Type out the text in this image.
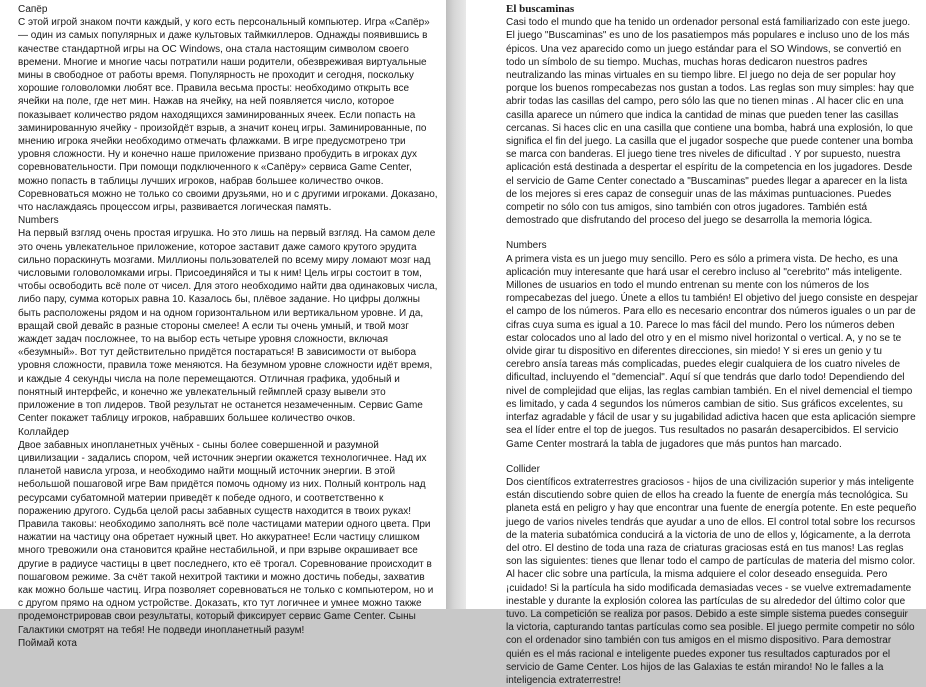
Сапёр

С этой игрой знаком почти каждый, у кого есть персональный компьютер. Игра «Сапёр» — один из самых популярных и даже культовых таймкиллеров. Однажды появившись в качестве стандартной игры на ОС Windows, она стала настоящим символом своего времени. Многие и многие часы потратили наши родители, обезвреживая виртуальные мины в свободное от работы время. Популярность не проходит и сегодня, поскольку хорошие головоломки любят все. Правила весьма просты: необходимо открыть все ячейки на поле, где нет мин. Нажав на ячейку, на ней появляется число, которое показывает количество рядом находящихся заминированных ячеек. Если попасть на заминированную ячейку - произойдёт взрыв, а значит конец игры. Заминированные, по мнению игрока ячейки необходимо отмечать флажками. В игре предусмотрено три уровня сложности. Ну и конечно наше приложение призвано пробудить в игроках дух соревновательности. При помощи подключенного к «Сапёру» сервиса Game Center, можно попасть в таблицы лучших игроков, набрав большее количество очков. Соревноваться можно не только со своими друзьями, но и с другими игроками. Доказано, что наслаждаясь процессом игры, развивается логическая память.

Numbers

На первый взгляд очень простая игрушка. Но это лишь на первый взгляд. На самом деле это очень увлекательное приложение, которое заставит даже самого крутого эрудита сильно пораскинуть мозгами. Миллионы пользователей по всему миру ломают мозг над числовыми головоломками игры. Присоединяйся и ты к ним! Цель игры состоит в том, чтобы освободить всё поле от чисел. Для этого необходимо найти два одинаковых числа, либо пару, сумма которых равна 10. Казалось бы, плёвое задание. Но цифры должны быть расположены рядом и на одном горизонтальном или вертикальном уровне. И да, вращай свой девайс в разные стороны смелее! А если ты очень умный, и твой мозг жаждет задач посложнее, то на выбор есть четыре уровня сложности, включая «безумный». Вот тут действительно придётся постараться! В зависимости от выбора уровня сложности, правила тоже меняются. На безумном уровне сложности идёт время, и каждые 4 секунды числа на поле перемещаются. Отличная графика, удобный и понятный интерфейс, и конечно же увлекательный геймплей сразу вывели это приложение в топ лидеров. Твой результат не останется незамеченным. Сервис Game Center покажет таблицу игроков, набравших большее количество очков.

Коллайдер

Двое забавных инопланетных учёных - сыны более совершенной и разумной цивилизации - задались спором, чей источник энергии окажется технологичнее. Над их планетой нависла угроза, и необходимо найти мощный источник энергии. В этой небольшой пошаговой игре Вам придётся помочь одному из них. Полный контроль над ресурсами субатомной материи приведёт к победе одного, и соответственно к поражению другого. Судьба целой расы забавных существ находится в твоих руках! Правила таковы: необходимо заполнять всё поле частицами материи одного цвета. При нажатии на частицу она обретает нужный цвет. Но аккуратнее! Если частицу слишком много тревожили она становится крайне нестабильной, и при взрыве окрашивает все другие в радиусе частицы в цвет последнего, кто её трогал. Соревнование происходит в пошаговом режиме. За счёт такой нехитрой тактики и можно достичь победы, захватив как можно больше частиц. Игра позволяет соревноваться не только с компьютером, но и с другом прямо на одном устройстве. Доказать, кто тут логичнее и умнее можно также продемонстрировав свои результаты, который фиксирует сервис Game Center. Сыны Галактики смотрят на тебя! Не подведи инопланетный разум!

Поймай кота

El buscaminas

Casi todo el mundo que ha tenido un ordenador personal está familiarizado con este juego. El juego "Buscaminas" es uno de los pasatiempos más populares e incluso uno de los más épicos. Una vez aparecido como un juego estándar para el SO Windows, se convertió en todo un símbolo de su tiempo. Muchas, muchas horas dedicaron nuestros padres neutralizando las minas virtuales en su tiempo libre. El juego no deja de ser popular hoy porque los buenos rompecabezas nos gustan a todos. Las reglas son muy simples: hay que abrir todas las casillas del campo, pero sólo las que no tienen minas . Al hacer clic en una casilla aparece un número que indica la cantidad de minas que pueden tener las casillas cercanas. Si haces clic en una casilla que contiene una bomba, habrá una explosión, lo que significa el fin del juego. La casilla que el jugador sospeche que puede contener una bomba se marca con banderas. El juego tiene tres niveles de dificultad . Y por supuesto, nuestra aplicación está destinada a despertar el espíritu de la competencia en los jugadores. Desde el servicio de Game Center conectado a "Buscaminas" puedes llegar a aparecer en la lista de los mejores si eres capaz de conseguir unas de las máximas puntuaciones. Puedes competir no sólo con tus amigos, sino también con otros jugadores. También está demostrado que disfrutando del proceso del juego se desarrolla la memoria lógica.

Numbers

A primera vista es un juego muy sencillo. Pero es sólo a primera vista. De hecho, es una aplicación muy interesante que hará usar el cerebro incluso al "cerebrito" más inteligente. Millones de usuarios en todo el mundo entrenan su mente con los números de los rompecabezas del juego. Únete a ellos tu también! El objetivo del juego consiste en despejar el campo de los números. Para ello es necesario encontrar dos números iguales o un par de cifras cuya suma es igual a 10. Parece lo mas fácil del mundo. Pero los números deben estar colocados uno al lado del otro y en el mismo nivel horizontal o vertical. A, y no se te olvide girar tu dispositivo en diferentes direcciones, sin miedo! Y si eres un genio y tu cerebro ansía tareas más complicadas, puedes elegir cualquiera de los cuatro niveles de dificultad, incluyendo el "demencial". Aquí sí que tendrás que darlo todo! Dependiendo del nivel de complejidad que elijas, las reglas cambian también. En el nivel demencial el tiempo es limitado, y cada 4 segundos los números cambian de sitio. Sus gráficos excelentes, su interfaz agradable y fácil de usar y su jugabilidad adictiva hacen que esta aplicación siempre sea el líder entre el top de juegos. Tus resultados no pasarán desapercibidos. El servicio Game Center mostrará la tabla de jugadores que más puntos han marcado.

Collider

Dos científicos extraterrestres graciosos - hijos de una civilización superior y más inteligente están discutiendo sobre quien de ellos ha creado la fuente de energía más tecnológica. Su planeta está en peligro y hay que encontrar una fuente de energía potente. En este pequeño juego de varios niveles tendrás que ayudar a uno de ellos. El control total sobre los recursos de la materia subatómica conducirá a la victoria de uno de ellos y, lógicamente, a la derrota del otro. El destino de toda una raza de criaturas graciosas está en tus manos! Las reglas son las siguientes: tienes que llenar todo el campo de partículas de materia del mismo color. Al hacer clic sobre una partícula, la misma adquiere el color deseado enseguida. Pero ¡cuidado! Si la partícula ha sido modificada demasiadas veces - se vuelve extremadamente inestable y durante la explosión colorea las partículas de su alrededor del último color que tuvo. La competición se realiza por pasos. Debido a este simple sistema puedes conseguir la victoria, capturando tantas partículas como sea posible. El juego permite competir no sólo con el ordenador sino también con tus amigos en el mismo dispositivo. Para demostrar quién es el más racional e inteligente puedes exponer tus resultados capturados por el servicio de Game Center. Los hijos de las Galaxias te están mirando! No le falles a la inteligencia extraterrestre!
